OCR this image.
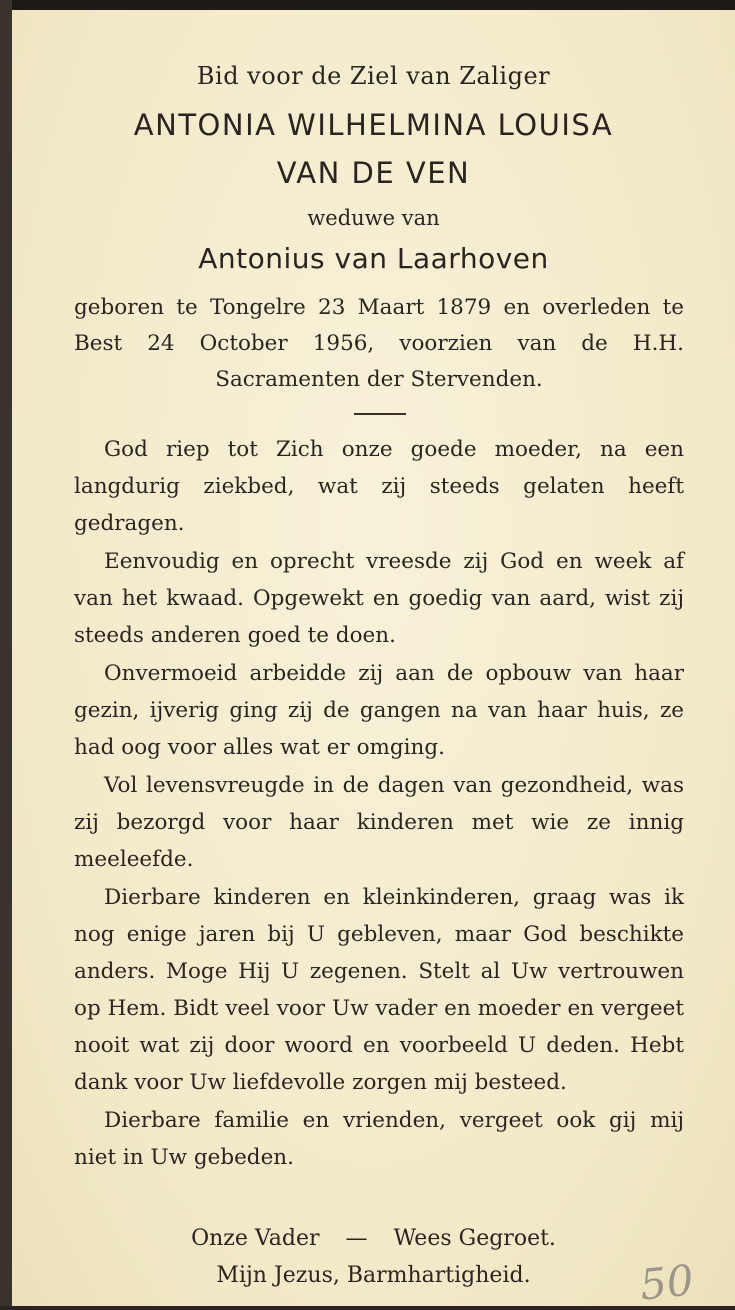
Bid voor de Ziel van Zaliger
ANTONIA WILHELMINA LOUISA
VAN DE VEN
weduwe van
Antonius van Laarhoven
geboren te Tongelre 23 Maart 1879 en overleden te Best 24 October 1956, voorzien van de H.H. Sacramenten der Stervenden.

God riep tot Zich onze goede moeder, na een langdurig ziekbed, wat zij steeds gelaten heeft gedragen.

Eenvoudig en oprecht vreesde zij God en week af van het kwaad. Opgewekt en goedig van aard, wist zij steeds anderen goed te doen.

Onvermoeid arbeidde zij aan de opbouw van haar gezin, ijverig ging zij de gangen na van haar huis, ze had oog voor alles wat er omging.

Vol levensvreugde in de dagen van gezondheid, was zij bezorgd voor haar kinderen met wie ze innig meeleefde.

Dierbare kinderen en kleinkinderen, graag was ik nog enige jaren bij U gebleven, maar God beschikte anders. Moge Hij U zegenen. Stelt al Uw vertrouwen op Hem. Bidt veel voor Uw vader en moeder en vergeet nooit wat zij door woord en voorbeeld U deden. Hebt dank voor Uw liefdevolle zorgen mij besteed.

Dierbare familie en vrienden, vergeet ook gij mij niet in Uw gebeden.

Onze Vader — Wees Gegroet.
Mijn Jezus, Barmhartigheid.	50
